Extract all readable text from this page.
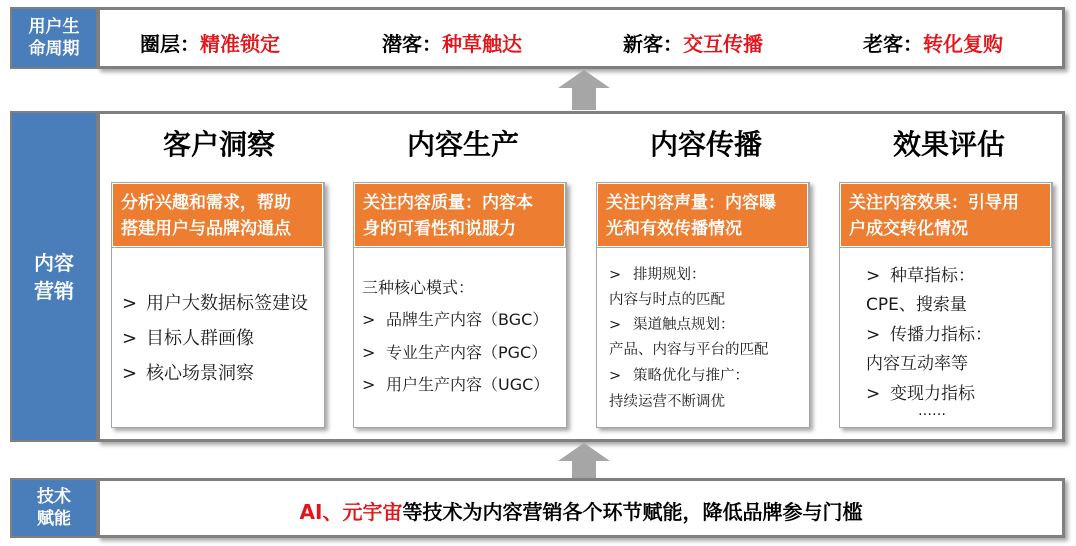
用户生
命周期	圈层：精准锁定	潜客：种草触达	新客：交互传播	老客：转化复购
内容
营销
客户洞察	内容生产	内容传播	效果评估
分析兴趣和需求，帮助
搭建用户与品牌沟通点
> 用户大数据标签建设
> 目标人群画像
> 核心场景洞察
关注内容质量：内容本
身的可看性和说服力
三种核心模式：
> 品牌生产内容（BGC）
> 专业生产内容（PGC）
> 用户生产内容（UGC）
关注内容声量：内容曝
光和有效传播情况
> 排期规划：
内容与时点的匹配
> 渠道触点规划：
产品、内容与平台的匹配
> 策略优化与推广：
持续运营不断调优
关注内容效果：引导用
户成交转化情况
> 种草指标：
CPE、搜索量
> 传播力指标：
内容互动率等
> 变现力指标
……
技术
赋能	AI、元宇宙等技术为内容营销各个环节赋能，降低品牌参与门槛
